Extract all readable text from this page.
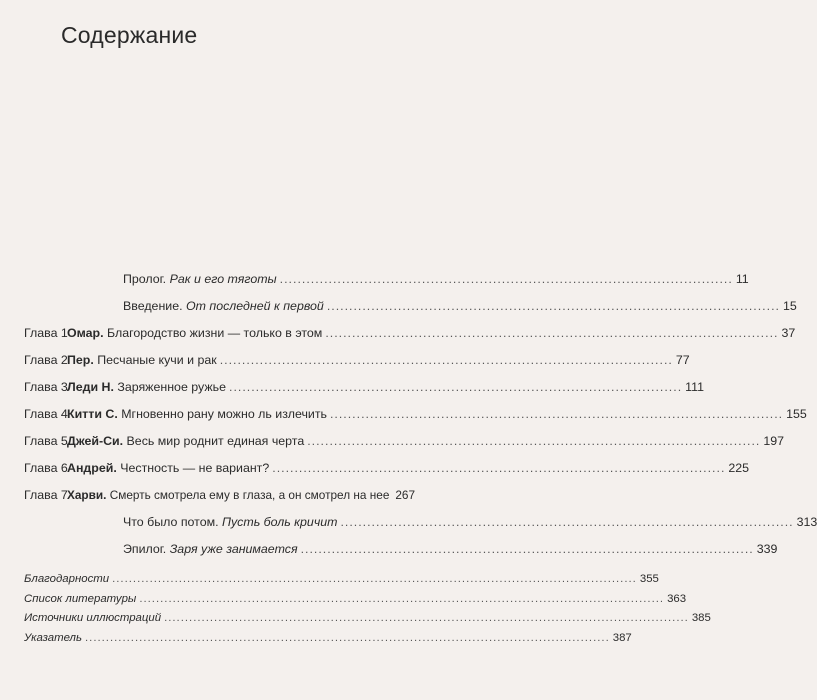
Содержание
Пролог. Рак и его тяготы ...................................................................................................... 11
Введение. От последней к первой ...................................................................................................... 15
Глава 1 Омар. Благородство жизни — только в этом ...................................................................................................... 37
Глава 2 Пер. Песчаные кучи и рак ...................................................................................................... 77
Глава 3 Леди Н. Заряженное ружье ...................................................................................................... 111
Глава 4 Китти С. Мгновенно рану можно ль излечить ...................................................................................................... 155
Глава 5 Джей-Си. Весь мир роднит единая черта ...................................................................................................... 197
Глава 6 Андрей. Честность — не вариант? ...................................................................................................... 225
Глава 7 Харви. Смерть смотрела ему в глаза, а он смотрел на нее 267
Что было потом. Пусть боль кричит ...................................................................................................... 313
Эпилог. Заря уже занимается ...................................................................................................... 339
Благодарности .............................................................................................................................. 355
Список литературы .............................................................................................................................. 363
Источники иллюстраций .............................................................................................................................. 385
Указатель .............................................................................................................................. 387
